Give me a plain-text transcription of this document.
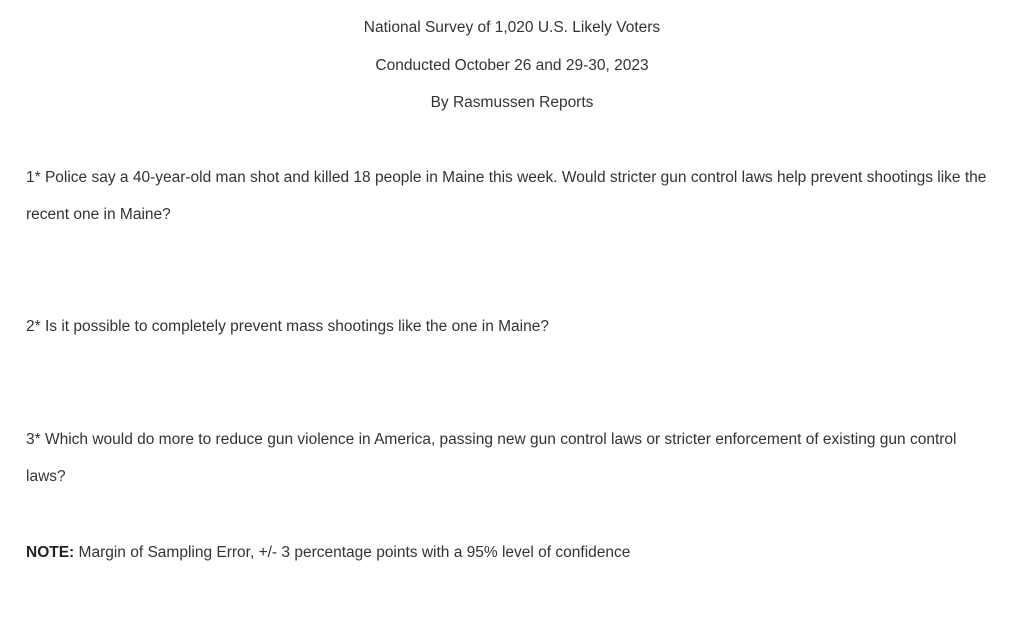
National Survey of 1,020 U.S. Likely Voters
Conducted October 26 and 29-30, 2023
By Rasmussen Reports

1* Police say a 40-year-old man shot and killed 18 people in Maine this week. Would stricter gun control laws help prevent shootings like the recent one in Maine?

2* Is it possible to completely prevent mass shootings like the one in Maine?

3* Which would do more to reduce gun violence in America, passing new gun control laws or stricter enforcement of existing gun control laws?

NOTE: Margin of Sampling Error, +/- 3 percentage points with a 95% level of confidence
